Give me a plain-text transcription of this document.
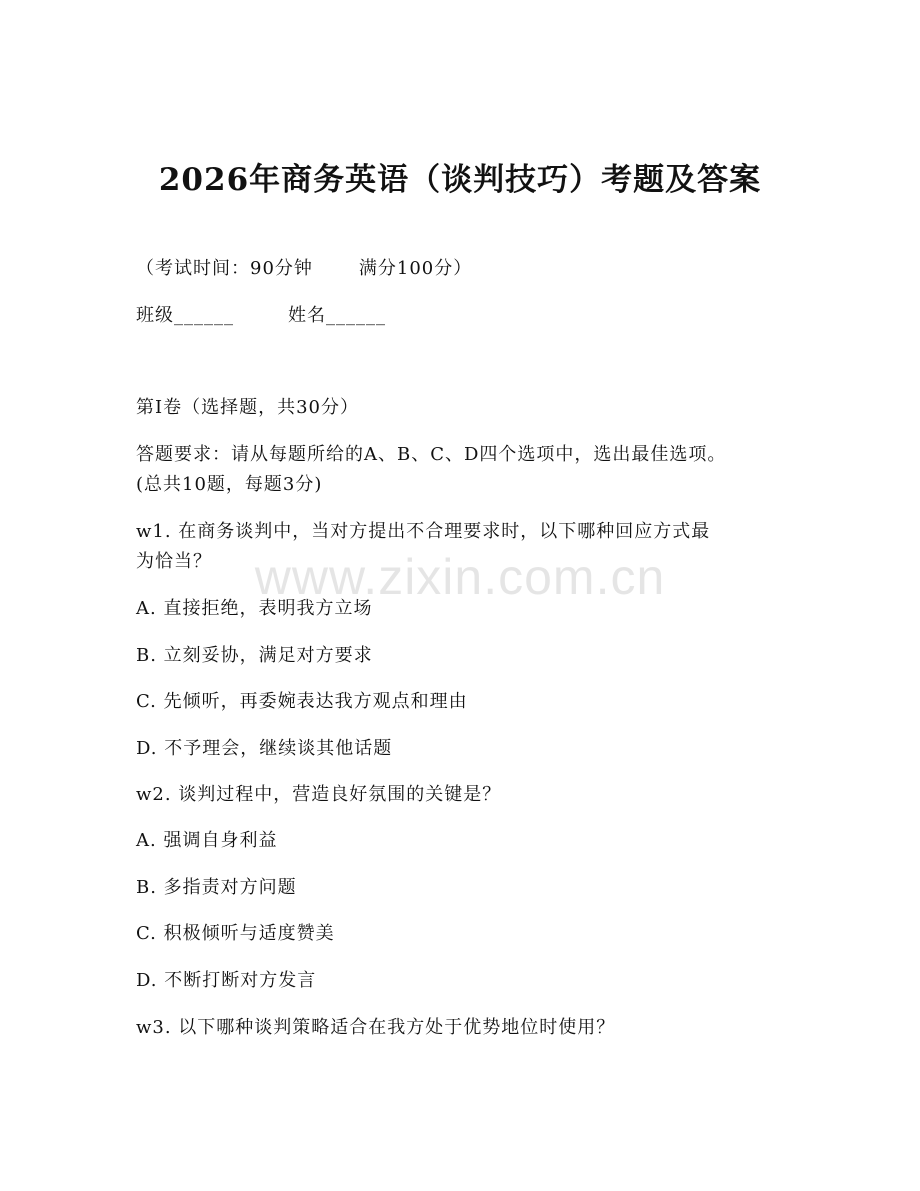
2026年商务英语（谈判技巧）考题及答案
（考试时间：90分钟	满分100分）
班级______	姓名______
第I卷（选择题，共30分）
答题要求：请从每题所给的A、B、C、D四个选项中，选出最佳选项。
(总共10题，每题3分)
w1. 在商务谈判中，当对方提出不合理要求时，以下哪种回应方式最
为恰当？
A. 直接拒绝，表明我方立场
B. 立刻妥协，满足对方要求
C. 先倾听，再委婉表达我方观点和理由
D. 不予理会，继续谈其他话题
w2. 谈判过程中，营造良好氛围的关键是？
A. 强调自身利益
B. 多指责对方问题
C. 积极倾听与适度赞美
D. 不断打断对方发言
w3. 以下哪种谈判策略适合在我方处于优势地位时使用？
www.zixin.com.cn
